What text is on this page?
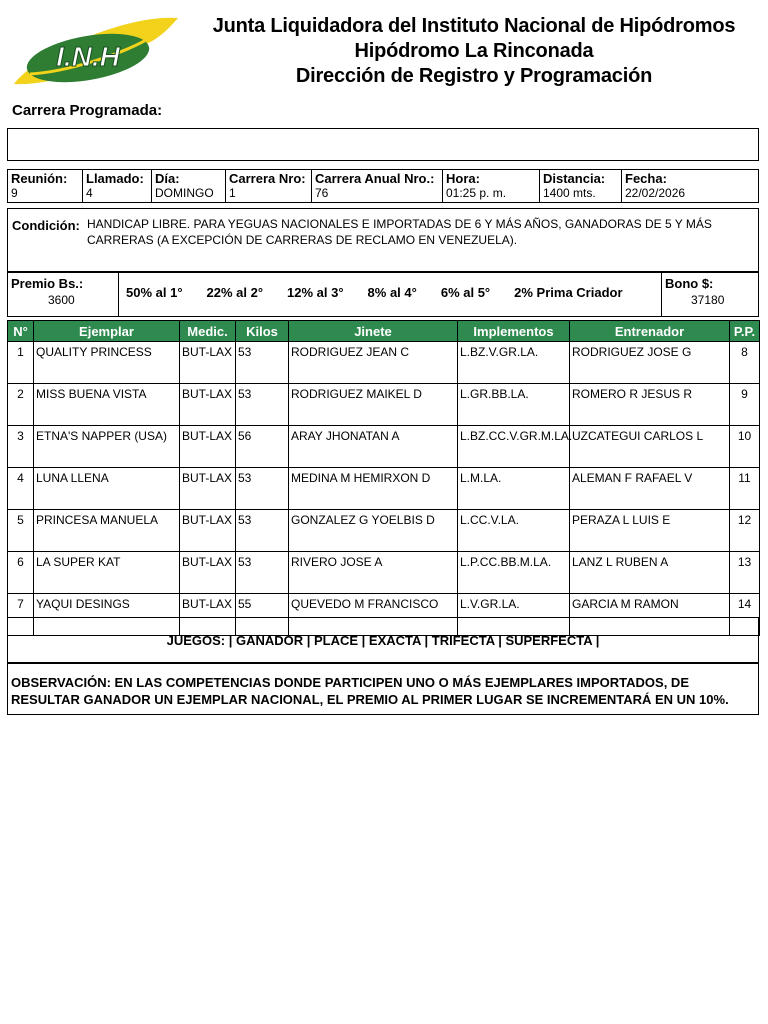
I.N.H
Junta Liquidadora del Instituto Nacional de Hipódromos
Hipódromo La Rinconada
Dirección de Registro y Programación
Carrera Programada:
Reunión:
9	
Llamado:
4	
Día:
DOMINGO	
Carrera Nro:
1	
Carrera Anual Nro.:
76	
Hora:
01:25 p. m.	
Distancia:
1400 mts.	
Fecha:
22/02/2026
Condición: HANDICAP LIBRE. PARA YEGUAS NACIONALES E IMPORTADAS DE 6 Y MÁS AÑOS, GANADORAS DE 5 Y MÁS CARRERAS (A EXCEPCIÓN DE CARRERAS DE RECLAMO EN VENEZUELA).
Premio Bs.:
3600	50% al 1° 22% al 2° 12% al 3° 8% al 4° 6% al 5° 2% Prima Criador
Bono $:
37180
N°	Ejemplar	Medic.	Kilos	Jinete	Implementos	Entrenador	P.P.
1	QUALITY PRINCESS	BUT-LAX	53	RODRIGUEZ JEAN C	L.BZ.V.GR.LA.	RODRIGUEZ JOSE G	8
2	MISS BUENA VISTA	BUT-LAX	53	RODRIGUEZ MAIKEL D	L.GR.BB.LA.	ROMERO R JESUS R	9
3	ETNA'S NAPPER (USA)	BUT-LAX	56	ARAY JHONATAN A	L.BZ.CC.V.GR.M.LA.	UZCATEGUI CARLOS L	10
4	LUNA LLENA	BUT-LAX	53	MEDINA M HEMIRXON D	L.M.LA.	ALEMAN F RAFAEL V	11
5	PRINCESA MANUELA	BUT-LAX	53	GONZALEZ G YOELBIS D	L.CC.V.LA.	PERAZA L LUIS E	12
6	LA SUPER KAT	BUT-LAX	53	RIVERO JOSE A	L.P.CC.BB.M.LA.	LANZ L RUBEN A	13
7	YAQUI DESINGS	BUT-LAX	55	QUEVEDO M FRANCISCO	L.V.GR.LA.	GARCIA M RAMON	14
JUEGOS: | GANADOR | PLACE | EXACTA | TRIFECTA | SUPERFECTA |
OBSERVACIÓN: EN LAS COMPETENCIAS DONDE PARTICIPEN UNO O MÁS EJEMPLARES IMPORTADOS, DE RESULTAR GANADOR UN EJEMPLAR NACIONAL, EL PREMIO AL PRIMER LUGAR SE INCREMENTARÁ EN UN 10%.
